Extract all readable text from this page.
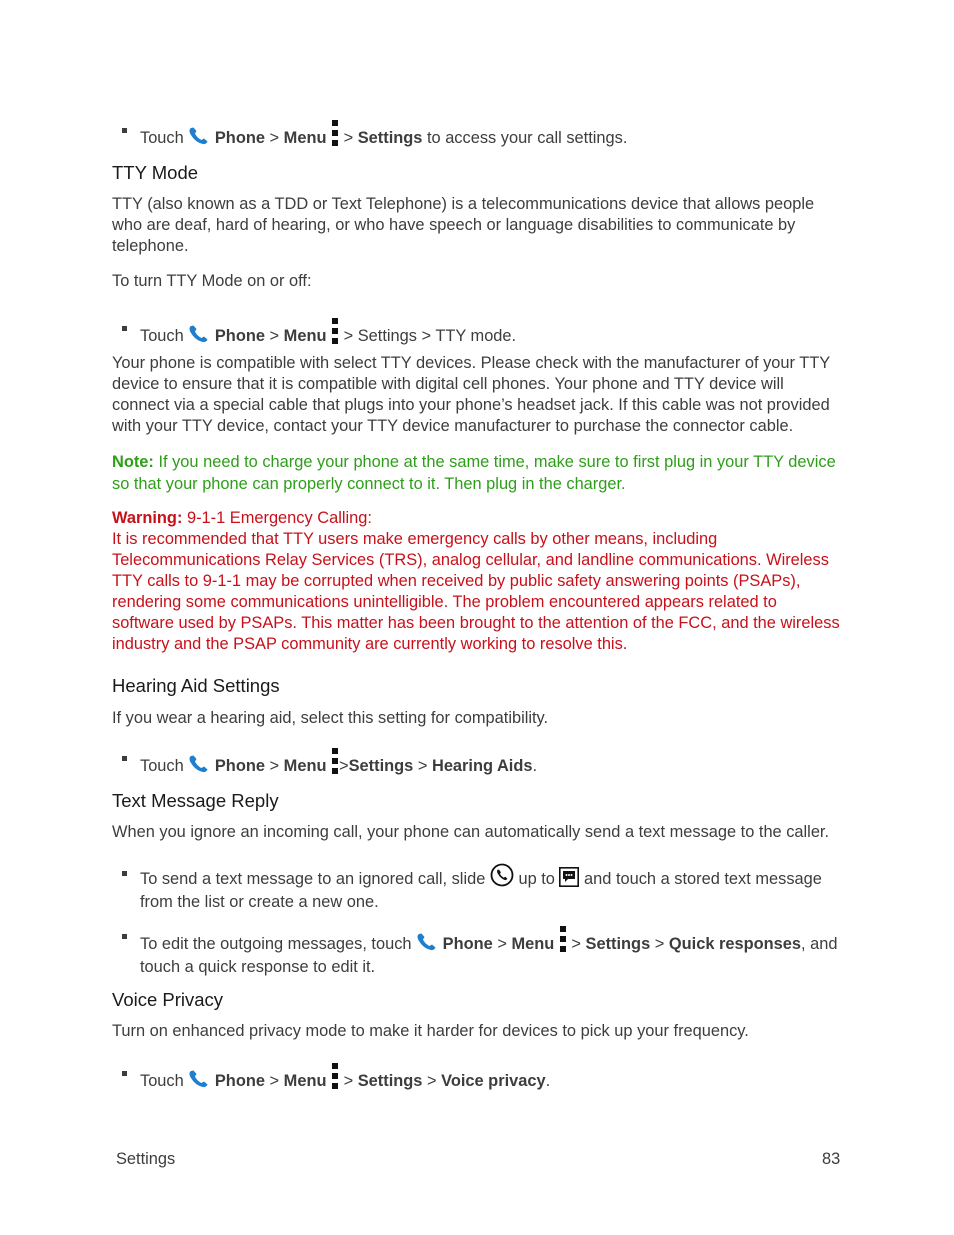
Touch Phone > Menu > Settings to access your call settings.
TTY Mode
TTY (also known as a TDD or Text Telephone) is a telecommunications device that allows people who are deaf, hard of hearing, or who have speech or language disabilities to communicate by telephone.
To turn TTY Mode on or off:
Touch Phone > Menu > Settings > TTY mode.
Your phone is compatible with select TTY devices. Please check with the manufacturer of your TTY device to ensure that it is compatible with digital cell phones. Your phone and TTY device will connect via a special cable that plugs into your phone’s headset jack. If this cable was not provided with your TTY device, contact your TTY device manufacturer to purchase the connector cable.
Note: If you need to charge your phone at the same time, make sure to first plug in your TTY device so that your phone can properly connect to it. Then plug in the charger.
Warning: 9-1-1 Emergency Calling:
It is recommended that TTY users make emergency calls by other means, including Telecommunications Relay Services (TRS), analog cellular, and landline communications. Wireless TTY calls to 9-1-1 may be corrupted when received by public safety answering points (PSAPs), rendering some communications unintelligible. The problem encountered appears related to software used by PSAPs. This matter has been brought to the attention of the FCC, and the wireless industry and the PSAP community are currently working to resolve this.
Hearing Aid Settings
If you wear a hearing aid, select this setting for compatibility.
Touch Phone > Menu >Settings > Hearing Aids.
Text Message Reply
When you ignore an incoming call, your phone can automatically send a text message to the caller.
To send a text message to an ignored call, slide up to and touch a stored text message from the list or create a new one.
To edit the outgoing messages, touch Phone > Menu > Settings > Quick responses, and touch a quick response to edit it.
Voice Privacy
Turn on enhanced privacy mode to make it harder for devices to pick up your frequency.
Touch Phone > Menu > Settings > Voice privacy.
Settings	83
